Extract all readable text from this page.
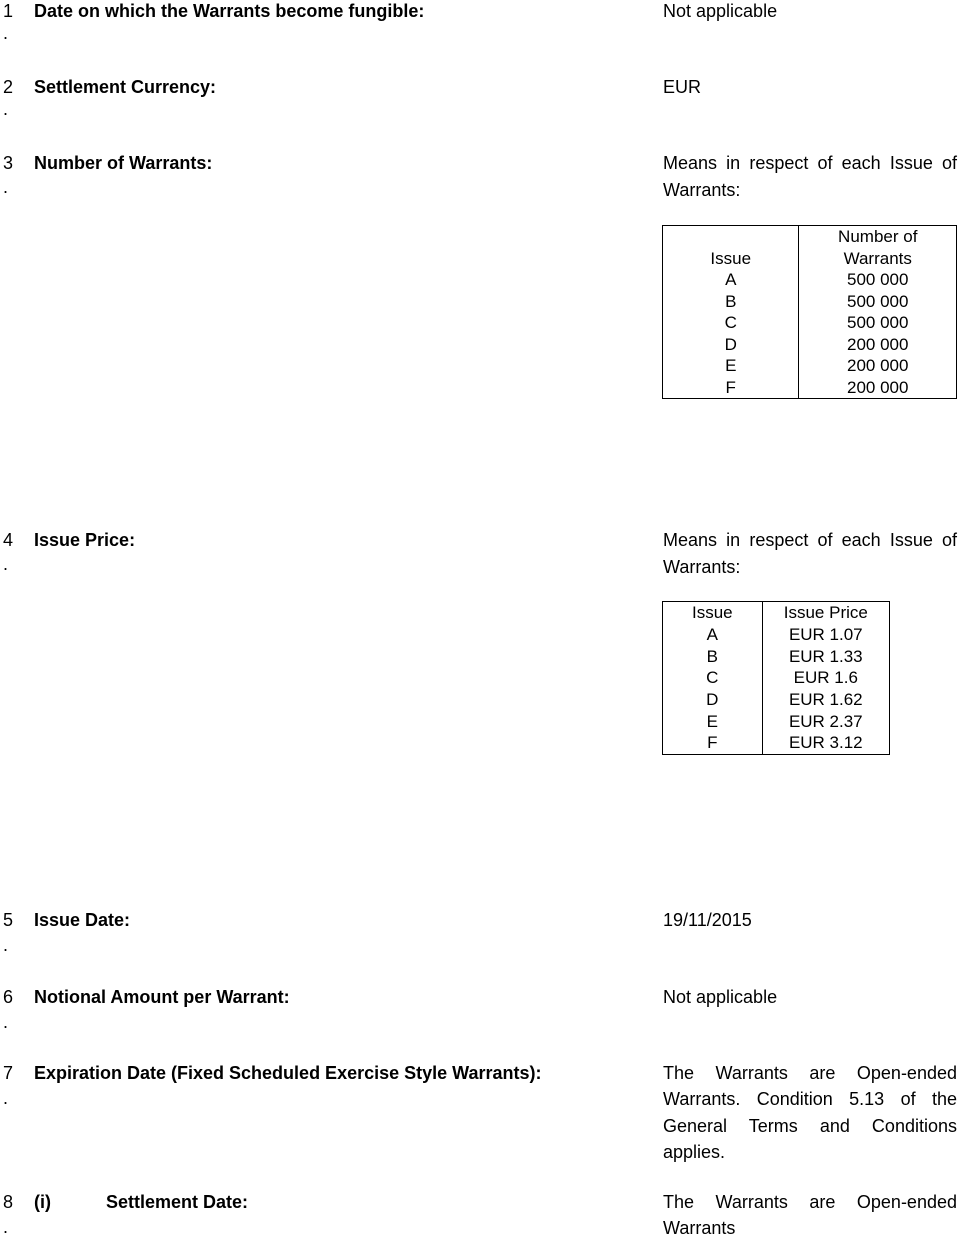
1
.
Date on which the Warrants become fungible:	Not applicable
2
.
Settlement Currency:	EUR
3
.
Number of Warrants:	Means in respect of each Issue of
Warrants:
Issue	Number of
Warrants

A	500 000
B	500 000
C	500 000
D	200 000
E	200 000
F	200 000
4
.
Issue Price:	Means in respect of each Issue of
Warrants:
Issue	Issue Price
A	EUR 1.07
B	EUR 1.33
C	EUR 1.6
D	EUR 1.62
E	EUR 2.37
F	EUR 3.12
5
.
Issue Date:	19/11/2015
6
.
Notional Amount per Warrant:	Not applicable
7
.
Expiration Date (Fixed Scheduled Exercise Style Warrants):	The Warrants are Open-ended
Warrants. Condition 5.13 of the
General Terms and Conditions
applies.
8
.
(i)	Settlement Date:	The Warrants are Open-ended
Warrants
